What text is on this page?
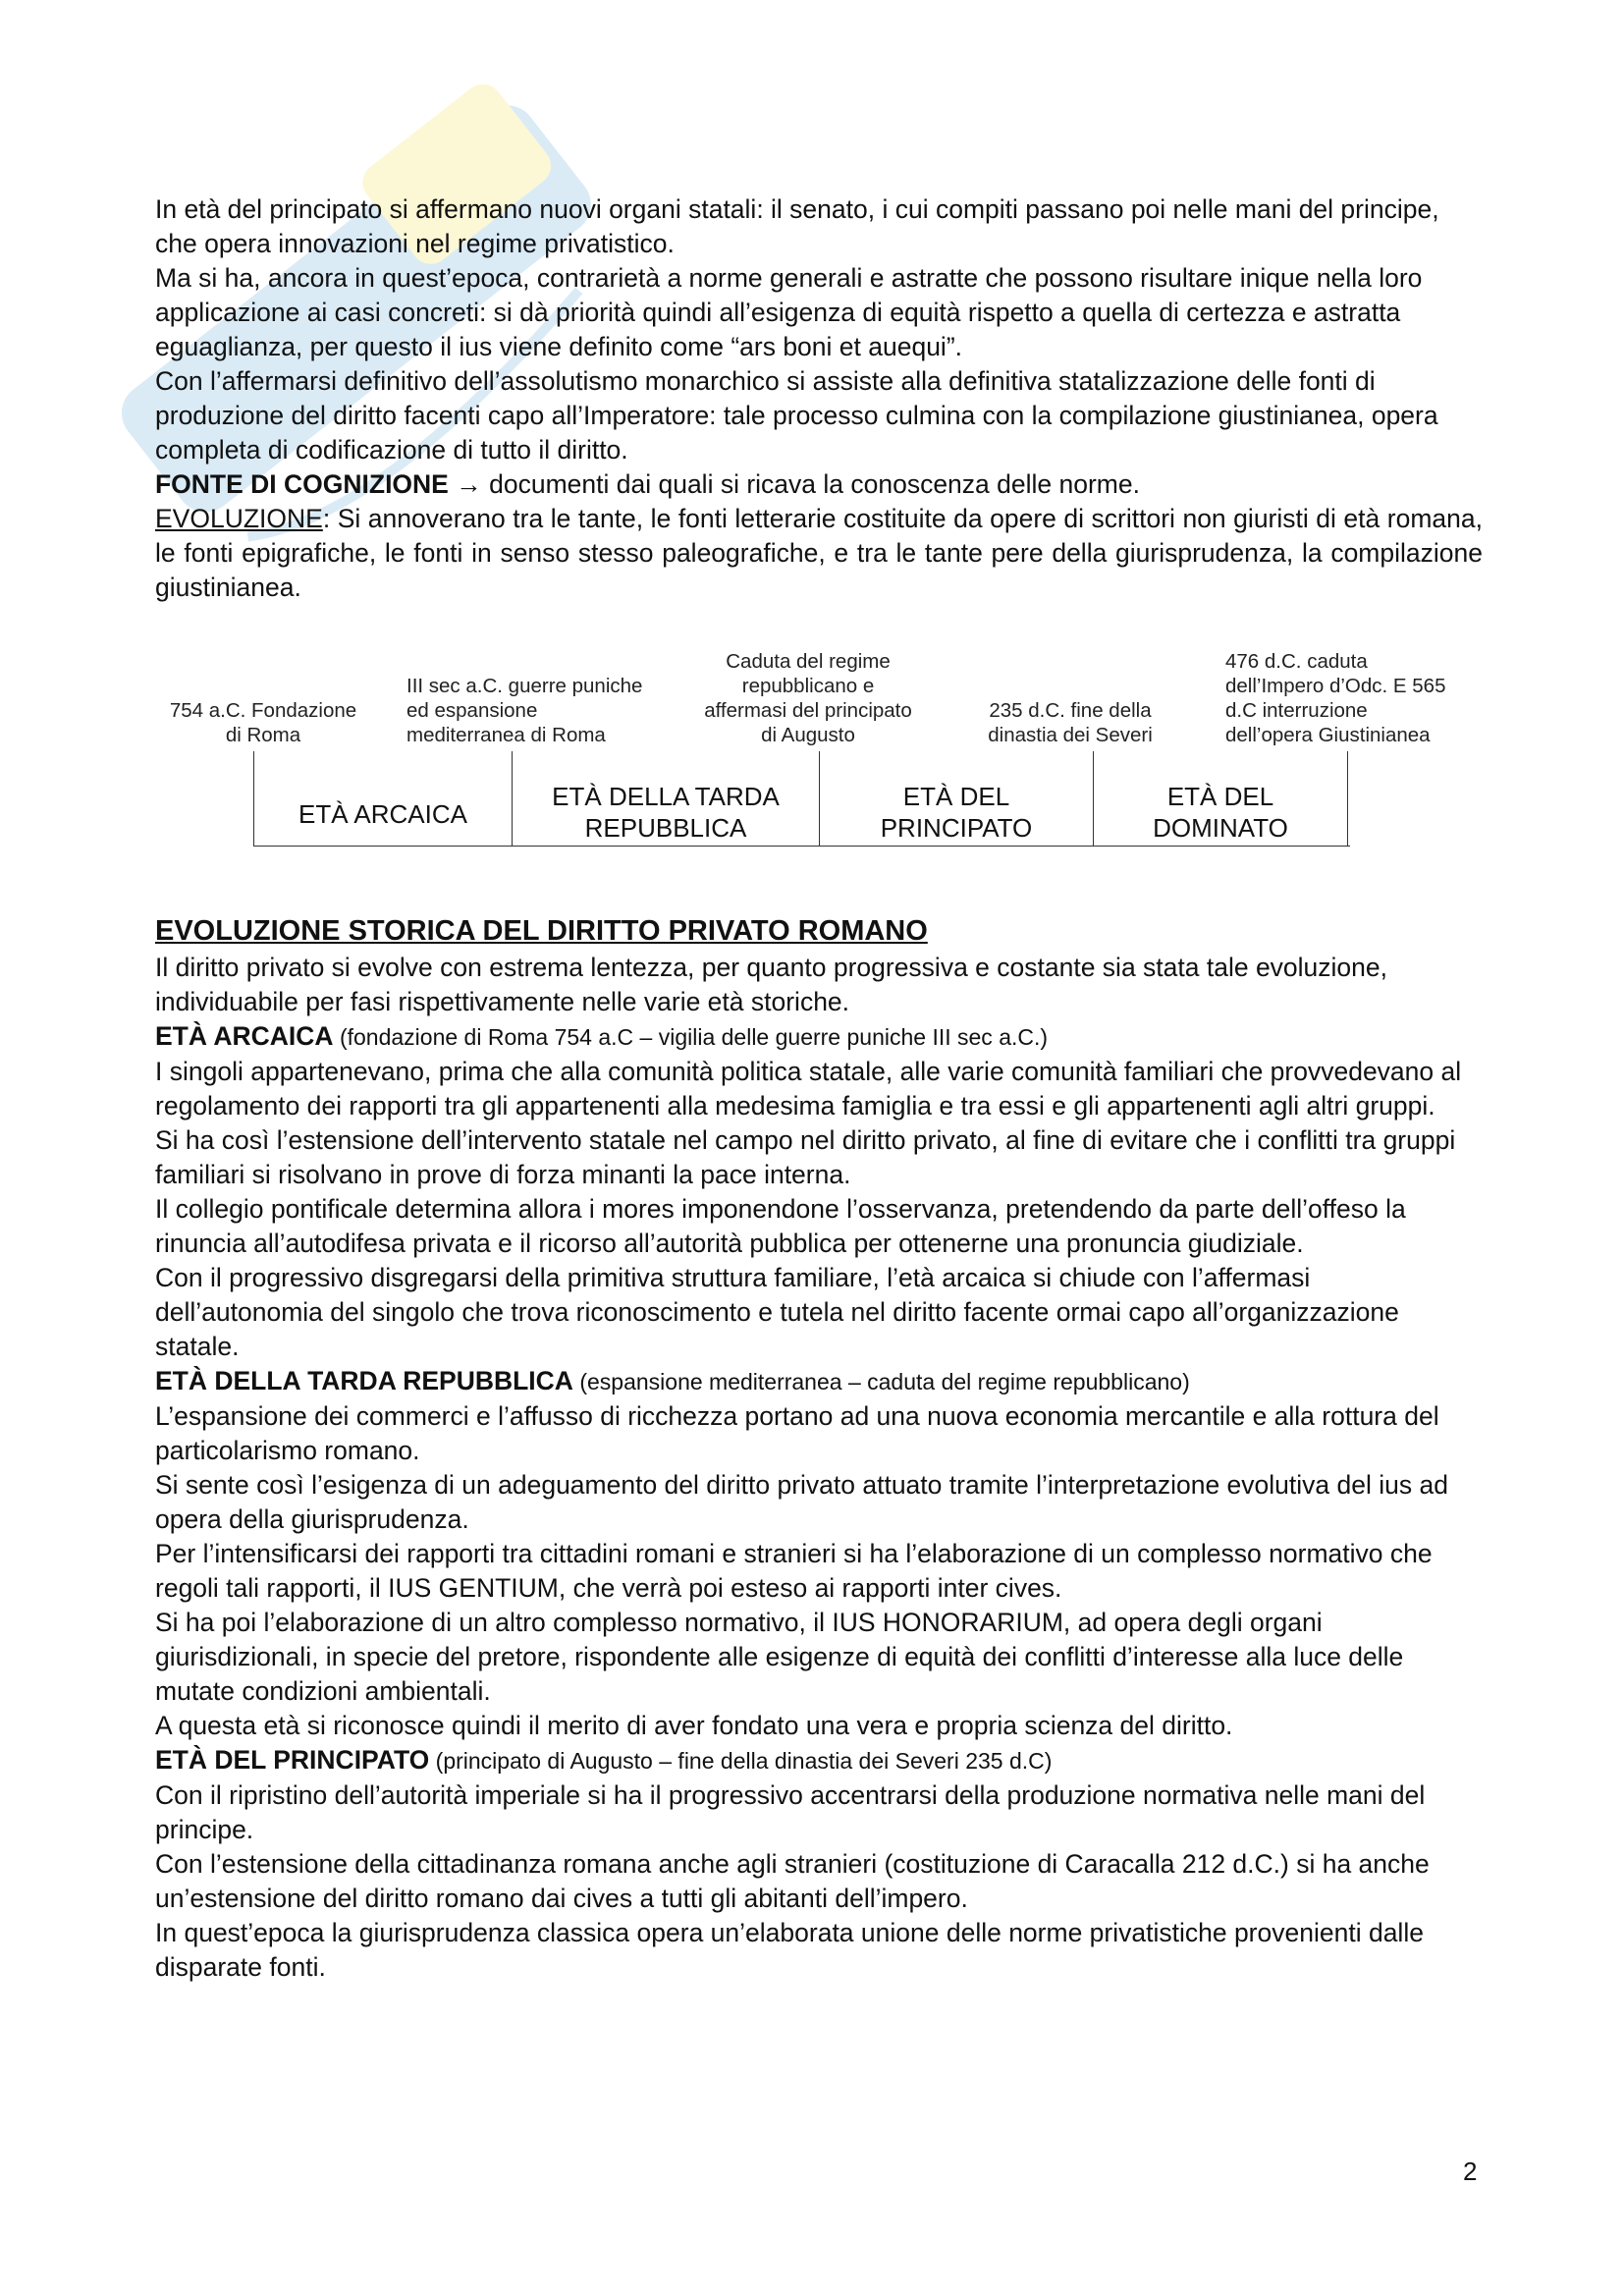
In età del principato si affermano nuovi organi statali: il senato, i cui compiti passano poi nelle mani del principe, che opera innovazioni nel regime privatistico.

Ma si ha, ancora in quest’epoca, contrarietà a norme generali e astratte che possono risultare inique nella loro applicazione ai casi concreti: si dà priorità quindi all’esigenza di equità rispetto a quella di certezza e astratta eguaglianza, per questo il ius viene definito come “ars boni et auequi”.

Con l’affermarsi definitivo dell’assolutismo monarchico si assiste alla definitiva statalizzazione delle fonti di produzione del diritto facenti capo all’Imperatore: tale processo culmina con la compilazione giustinianea, opera completa di codificazione di tutto il diritto.

FONTE DI COGNIZIONE → documenti dai quali si ricava la conoscenza delle norme.

EVOLUZIONE: Si annoverano tra le tante, le fonti letterarie costituite da opere di scrittori non giuristi di età romana, le fonti epigrafiche, le fonti in senso stesso paleografiche, e tra le tante pere della giurisprudenza, la compilazione giustinianea.

754 a.C. Fondazione
di Roma
III sec a.C. guerre puniche
ed espansione
mediterranea di Roma
Caduta del regime
repubblicano e
affermasi del principato
di Augusto
235 d.C. fine della
dinastia dei Severi
476 d.C. caduta
dell’Impero d’Odc. E 565
d.C interruzione
dell’opera Giustinianea
ETÀ ARCAICA
ETÀ DELLA TARDA
REPUBBLICA
ETÀ DEL
PRINCIPATO
ETÀ DEL
DOMINATO

EVOLUZIONE STORICA DEL DIRITTO PRIVATO ROMANO

Il diritto privato si evolve con estrema lentezza, per quanto progressiva e costante sia stata tale evoluzione, individuabile per fasi rispettivamente nelle varie età storiche.

ETÀ ARCAICA (fondazione di Roma 754 a.C – vigilia delle guerre puniche III sec a.C.)

I singoli appartenevano, prima che alla comunità politica statale, alle varie comunità familiari che provvedevano al regolamento dei rapporti tra gli appartenenti alla medesima famiglia e tra essi e gli appartenenti agli altri gruppi.

Si ha così l’estensione dell’intervento statale nel campo nel diritto privato, al fine di evitare che i conflitti tra gruppi familiari si risolvano in prove di forza minanti la pace interna.

Il collegio pontificale determina allora i mores imponendone l’osservanza, pretendendo da parte dell’offeso la rinuncia all’autodifesa privata e il ricorso all’autorità pubblica per ottenerne una pronuncia giudiziale.

Con il progressivo disgregarsi della primitiva struttura familiare, l’età arcaica si chiude con l’affermasi dell’autonomia del singolo che trova riconoscimento e tutela nel diritto facente ormai capo all’organizzazione statale.

ETÀ DELLA TARDA REPUBBLICA (espansione mediterranea – caduta del regime repubblicano)

L’espansione dei commerci e l’affusso di ricchezza portano ad una nuova economia mercantile e alla rottura del particolarismo romano.

Si sente così l’esigenza di un adeguamento del diritto privato attuato tramite l’interpretazione evolutiva del ius ad opera della giurisprudenza.

Per l’intensificarsi dei rapporti tra cittadini romani e stranieri si ha l’elaborazione di un complesso normativo che regoli tali rapporti, il IUS GENTIUM, che verrà poi esteso ai rapporti inter cives.

Si ha poi l’elaborazione di un altro complesso normativo, il IUS HONORARIUM, ad opera degli organi giurisdizionali, in specie del pretore, rispondente alle esigenze di equità dei conflitti d’interesse alla luce delle mutate condizioni ambientali.

A questa età si riconosce quindi il merito di aver fondato una vera e propria scienza del diritto.

ETÀ DEL PRINCIPATO (principato di Augusto – fine della dinastia dei Severi 235 d.C)

Con il ripristino dell’autorità imperiale si ha il progressivo accentrarsi della produzione normativa nelle mani del principe.

Con l’estensione della cittadinanza romana anche agli stranieri (costituzione di Caracalla 212 d.C.) si ha anche un’estensione del diritto romano dai cives a tutti gli abitanti dell’impero.

In quest’epoca la giurisprudenza classica opera un’elaborata unione delle norme privatistiche provenienti dalle disparate fonti.

2
